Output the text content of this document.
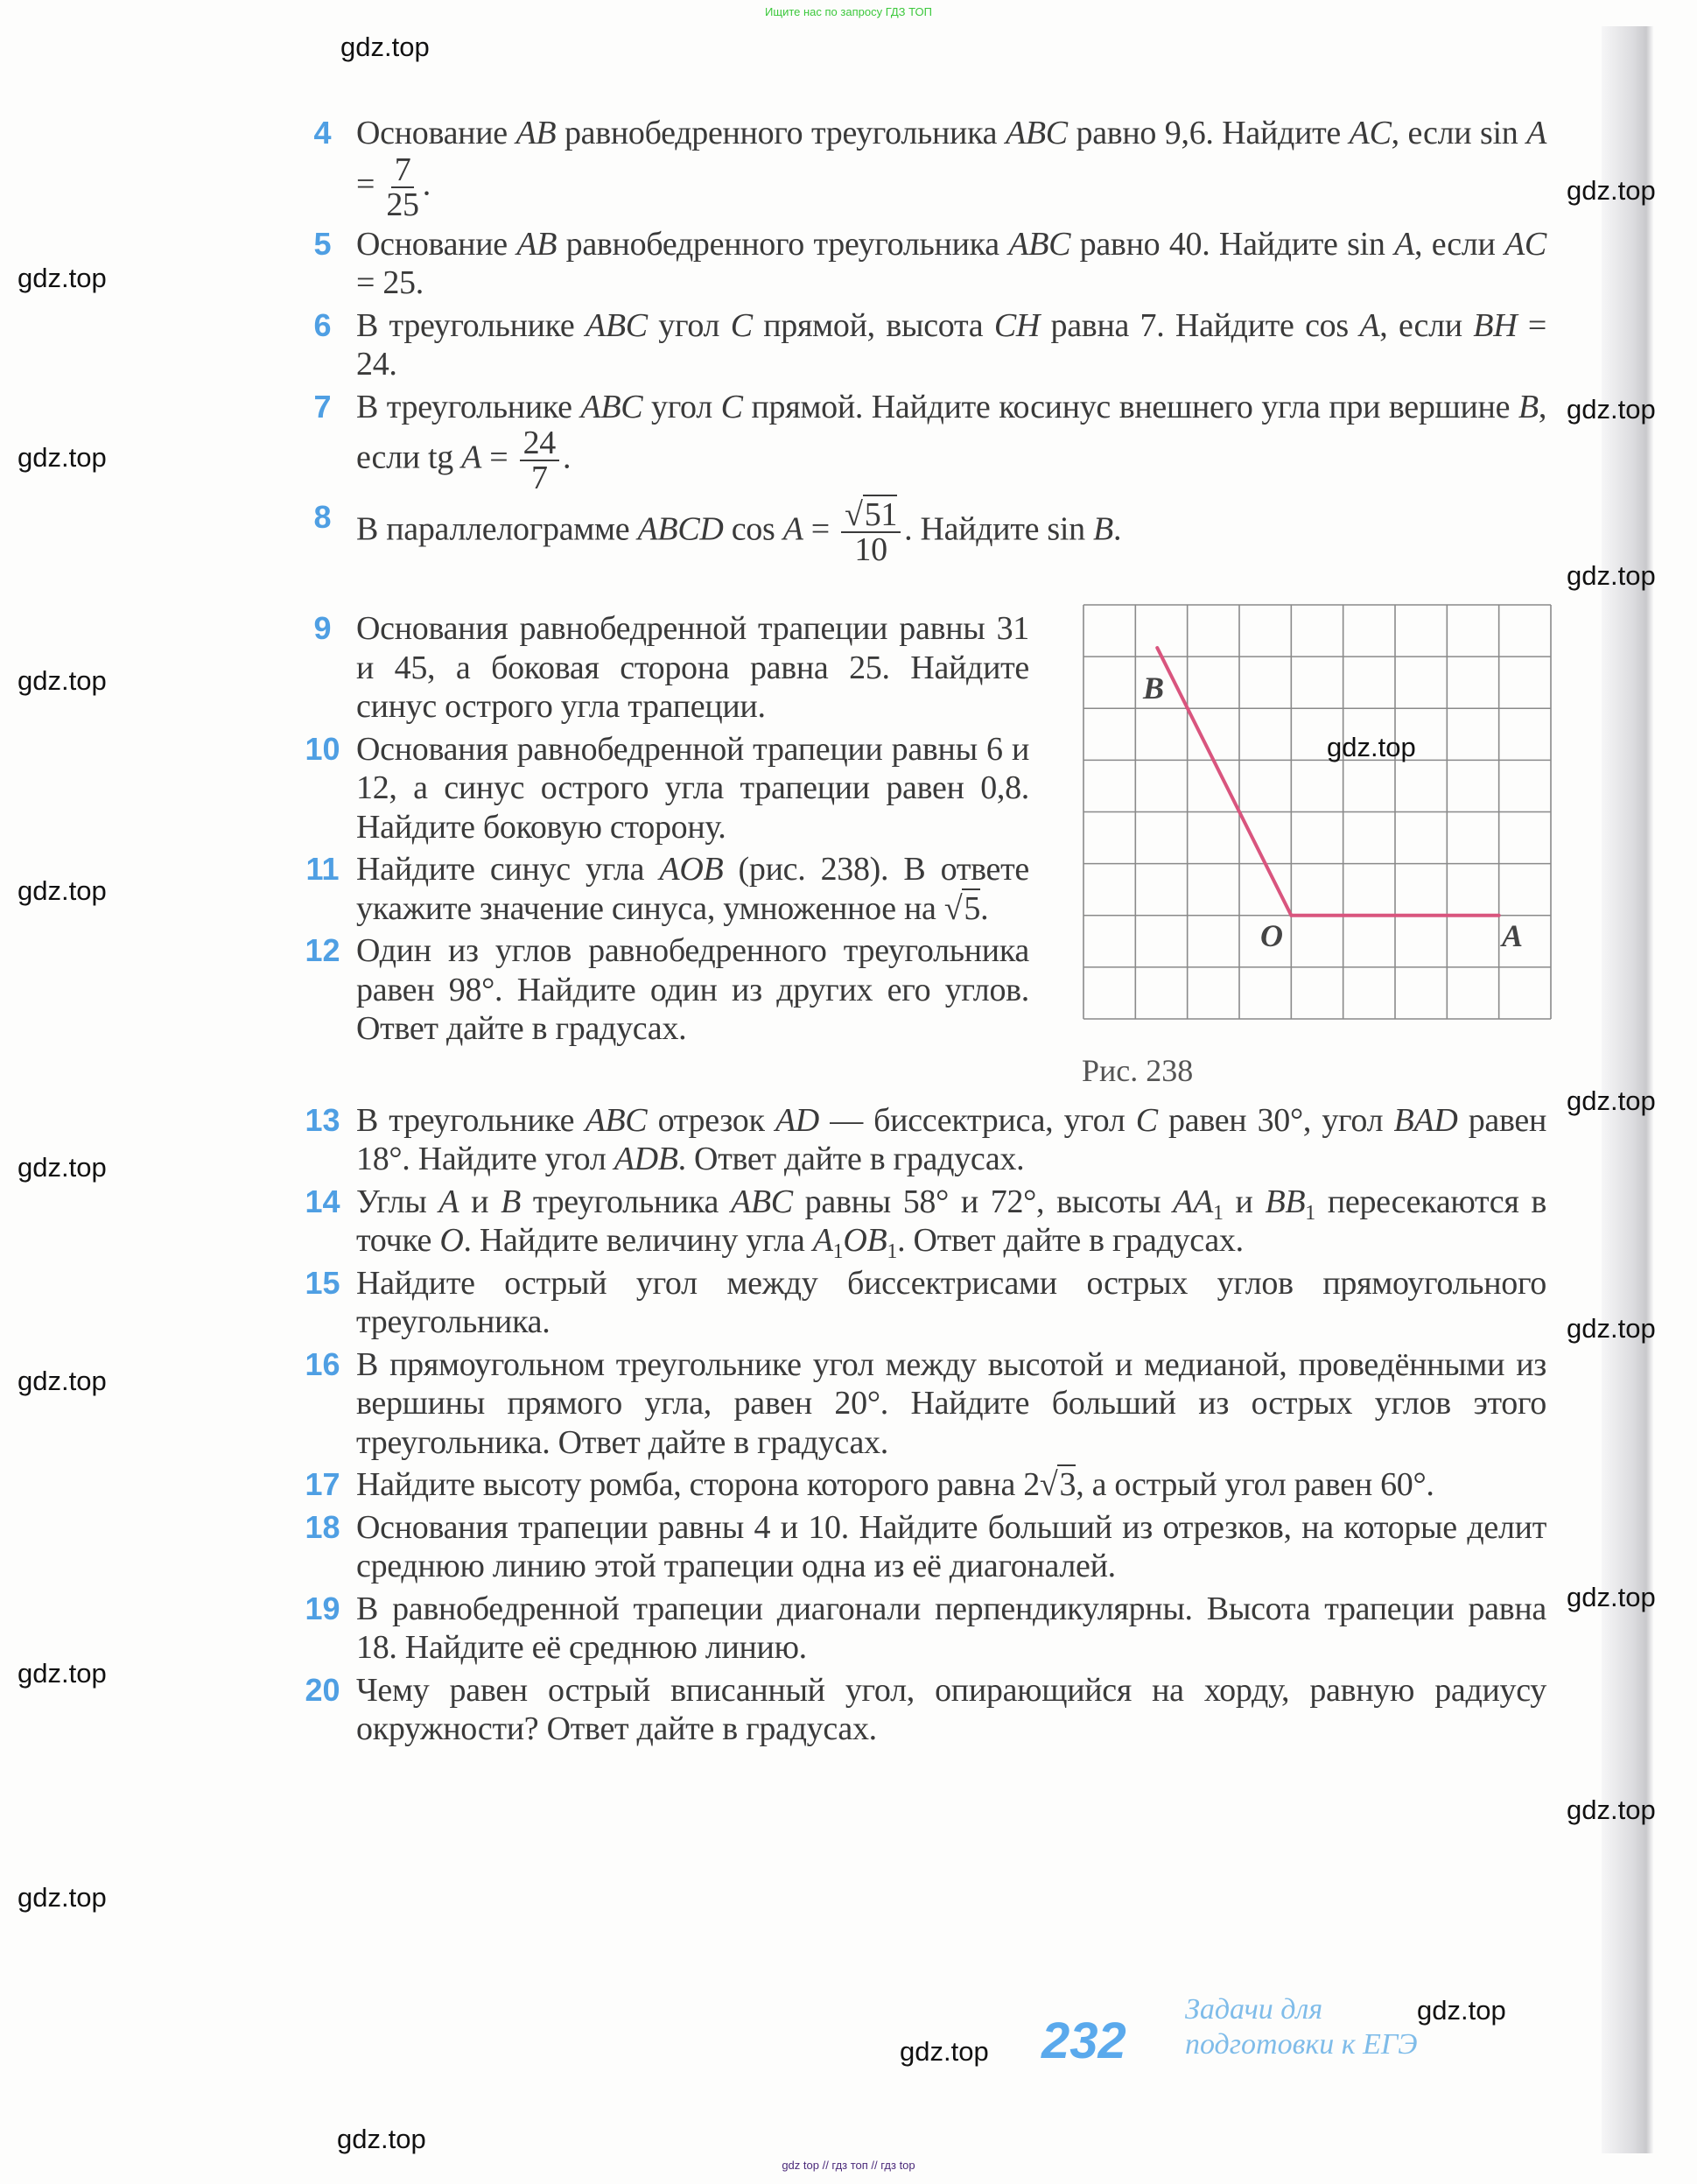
Ищите нас по запросу ГДЗ ТОП
4 Основание AB равнобедренного треугольника ABC равно 9,6. Найдите AC, если $\sin A = \frac{7}{25}$ .
5 Основание AB равнобедренного треугольника ABC равно 40. Найдите sin A, если AC = 25.
6 В треугольнике ABC угол C прямой, высота CH равна 7. Найдите cos A, если BH = 24.
7 В треугольнике ABC угол C прямой. Найдите косинус внешнего угла при вершине B, если tg $A = \frac{24}{7}$ .
8 В параллелограмме ABCD $\cos A = \frac{√51}{10}$ . Найдите sin B.
9 Основания равнобедренной трапеции равны 31 и 45, а боковая сторона равна 25. Найдите синус острого угла трапеции.
10 Основания равнобедренной трапеции равны 6 и 12, а синус острого угла трапеции равен 0,8. Найдите боковую сторону.
11 Найдите синус угла AOB (рис. 238). В ответе укажите значение синуса, умноженное на √5.
12 Один из углов равнобедренного треугольника равен 98°. Найдите один из других его углов. Ответ дайте в градусах.
13 В треугольнике ABC отрезок AD — биссектриса, угол C равен 30°, угол BAD равен 18°. Найдите угол ADB. Ответ дайте в градусах.
14 Углы A и B треугольника ABC равны 58° и 72°, высоты $AA_1$ и $BB_1$ пересекаются в точке O. Найдите величину угла $A_1OB_1$. Ответ дайте в градусах.
15 Найдите острый угол между биссектрисами острых углов прямоугольного треугольника.
16 В прямоугольном треугольнике угол между высотой и медианой, проведёнными из вершины прямого угла, равен 20°. Найдите больший из острых углов этого треугольника. Ответ дайте в градусах.
17 Найдите высоту ромба, сторона которого равна 2√3, а острый угол равен 60°.
18 Основания трапеции равны 4 и 10. Найдите больший из отрезков, на которые делит среднюю линию этой трапеции одна из её диагоналей.
19 В равнобедренной трапеции диагонали перпендикулярны. Высота трапеции равна 18. Найдите её среднюю линию.
20 Чему равен острый вписанный угол, опирающийся на хорду, равную радиусу окружности? Ответ дайте в градусах.
B
O	A
Рис. 238
232
Задачи для
подготовки к ЕГЭ
gdz.top
gdz.top
gdz.top
gdz.top
gdz.top
gdz.top
gdz.top
gdz.top
gdz.top
gdz.top
gdz.top
gdz.top
gdz.top
gdz.top
gdz.top
gdz.top
gdz.top
gdz.top
gdz.top
gdz.top
gdz top // гдз топ // гдз top
